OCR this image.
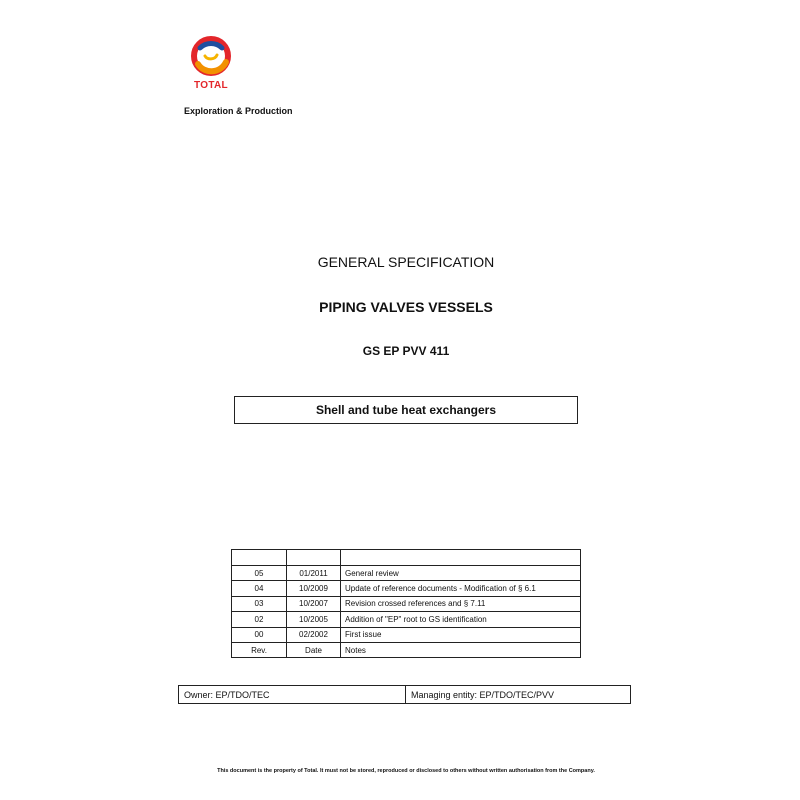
TOTAL
Exploration & Production
GENERAL SPECIFICATION
PIPING VALVES VESSELS
GS EP PVV 411
Shell and tube heat exchangers

05	01/2011	General review
04	10/2009	Update of reference documents - Modification of § 6.1
03	10/2007	Revision crossed references and § 7.11
02	10/2005	Addition of "EP" root to GS identification
00	02/2002	First issue
Rev.	Date	Notes
Owner: EP/TDO/TEC	Managing entity: EP/TDO/TEC/PVV
This document is the property of Total. It must not be stored, reproduced or disclosed to others without written authorisation from the Company.
